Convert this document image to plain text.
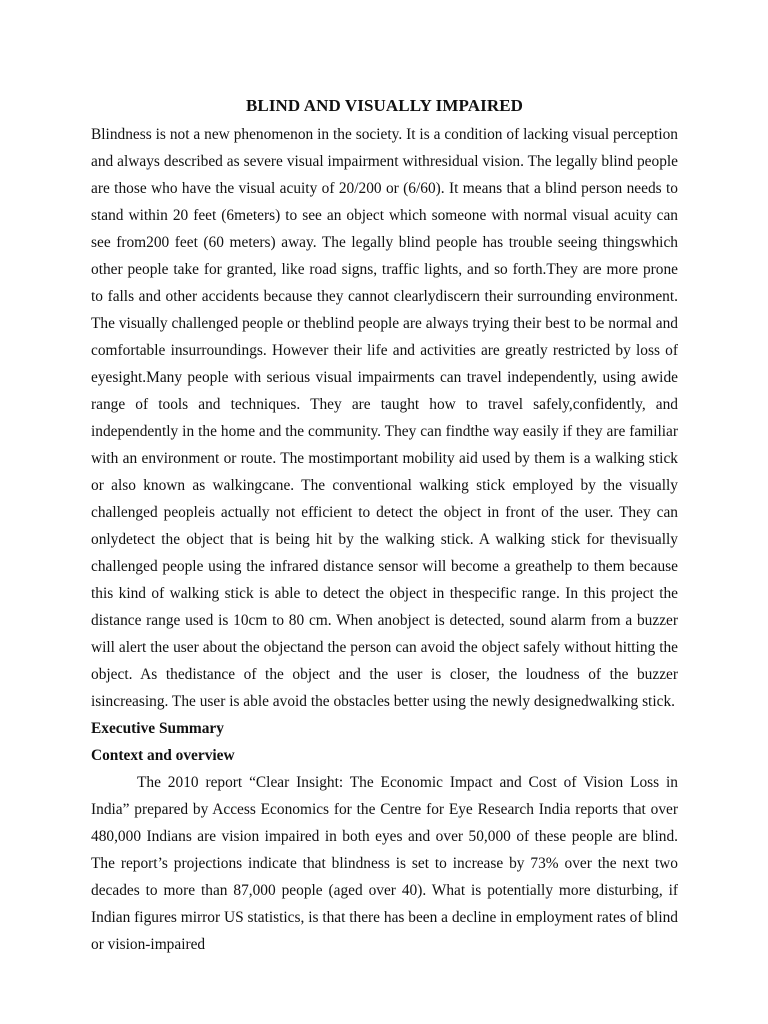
BLIND AND VISUALLY IMPAIRED

Blindness is not a new phenomenon in the society. It is a condition of lacking visual perception and always described as severe visual impairment withresidual vision. The legally blind people are those who have the visual acuity of 20/200 or (6/60). It means that a blind person needs to stand within 20 feet (6meters) to see an object which someone with normal visual acuity can see from200 feet (60 meters) away. The legally blind people has trouble seeing thingswhich other people take for granted, like road signs, traffic lights, and so forth.They are more prone to falls and other accidents because they cannot clearlydiscern their surrounding environment. The visually challenged people or theblind people are always trying their best to be normal and comfortable insurroundings. However their life and activities are greatly restricted by loss of eyesight.Many people with serious visual impairments can travel independently, using awide range of tools and techniques. They are taught how to travel safely,confidently, and independently in the home and the community. They can findthe way easily if they are familiar with an environment or route. The mostimportant mobility aid used by them is a walking stick or also known as walkingcane. The conventional walking stick employed by the visually challenged peopleis actually not efficient to detect the object in front of the user. They can onlydetect the object that is being hit by the walking stick. A walking stick for thevisually challenged people using the infrared distance sensor will become a greathelp to them because this kind of walking stick is able to detect the object in thespecific range. In this project the distance range used is 10cm to 80 cm. When anobject is detected, sound alarm from a buzzer will alert the user about the objectand the person can avoid the object safely without hitting the object. As thedistance of the object and the user is closer, the loudness of the buzzer isincreasing. The user is able avoid the obstacles better using the newly designedwalking stick.

Executive Summary
Context and overview

The 2010 report “Clear Insight: The Economic Impact and Cost of Vision Loss in India” prepared by Access Economics for the Centre for Eye Research India reports that over 480,000 Indians are vision impaired in both eyes and over 50,000 of these people are blind. The report’s projections indicate that blindness is set to increase by 73% over the next two decades to more than 87,000 people (aged over 40). What is potentially more disturbing, if Indian figures mirror US statistics, is that there has been a decline in employment rates of blind or vision-impaired
